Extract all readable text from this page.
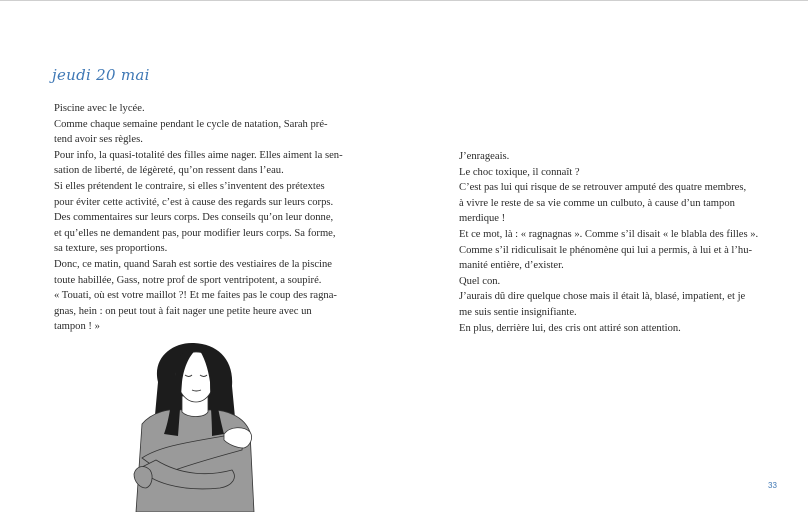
jeudi 20 mai

Piscine avec le lycée.

Comme chaque semaine pendant le cycle de natation, Sarah pré-

tend avoir ses règles.

Pour info, la quasi-totalité des filles aime nager. Elles aiment la sen-

sation de liberté, de légèreté, qu’on ressent dans l’eau.

Si elles prétendent le contraire, si elles s’inventent des prétextes

pour éviter cette activité, c’est à cause des regards sur leurs corps.

Des commentaires sur leurs corps. Des conseils qu’on leur donne,

et qu’elles ne demandent pas, pour modifier leurs corps. Sa forme,

sa texture, ses proportions.

Donc, ce matin, quand Sarah est sortie des vestiaires de la piscine

toute habillée, Gass, notre prof de sport ventripotent, a soupiré.

« Touati, où est votre maillot ?! Et me faites pas le coup des ragna-

gnas, hein : on peut tout à fait nager une petite heure avec un

tampon ! »

J’enrageais.

Le choc toxique, il connaît ?

C’est pas lui qui risque de se retrouver amputé des quatre membres,

à vivre le reste de sa vie comme un culbuto, à cause d’un tampon

merdique !

Et ce mot, là : « ragnagnas ». Comme s’il disait « le blabla des filles ».

Comme s’il ridiculisait le phénomène qui lui a permis, à lui et à l’hu-

manité entière, d’exister.

Quel con.

J’aurais dû dire quelque chose mais il était là, blasé, impatient, et je

me suis sentie insignifiante.

En plus, derrière lui, des cris ont attiré son attention.

33
